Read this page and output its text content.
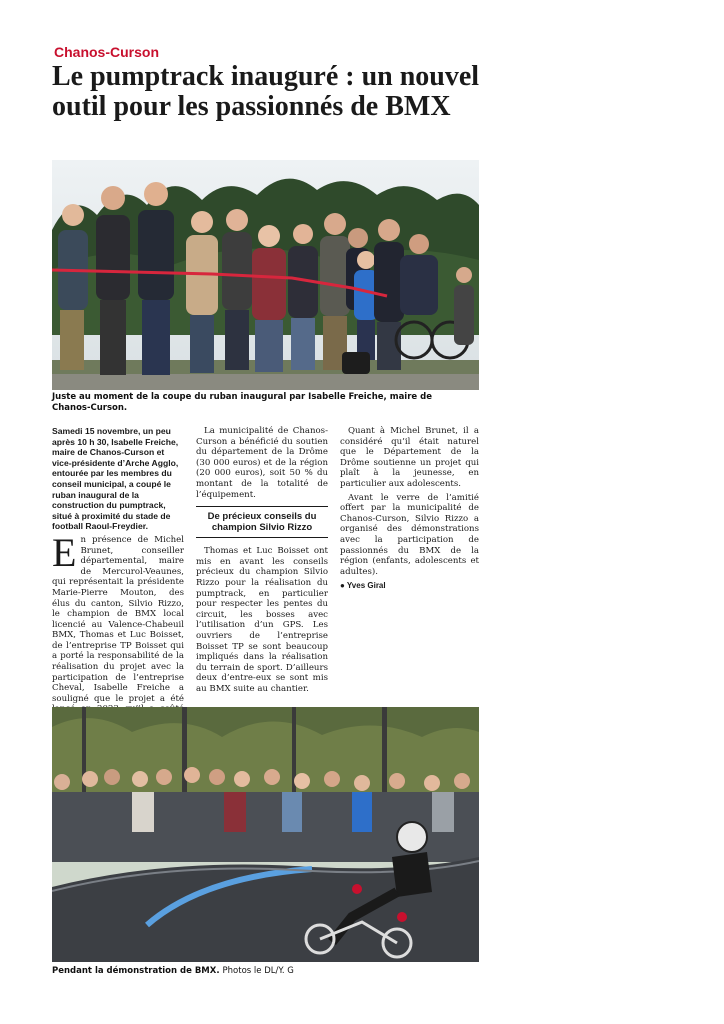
Chanos-Curson
Le pumptrack inauguré : un nouvel outil pour les passionnés de BMX
Juste au moment de la coupe du ruban inaugural par Isabelle Freiche, maire de Chanos-Curson.

Samedi 15 novembre, un peu après 10 h 30, Isabelle Freiche, maire de Chanos-Curson et vice-présidente d’Arche Agglo, entourée par les membres du conseil municipal, a coupé le ruban inaugural de la construction du pumptrack, situé à proximité du stade de football Raoul-Freydier.

En présence de Michel Brunet, conseiller départemental, maire de Mercurol-Veaunes, qui représentait la présidente Marie-Pierre Mouton, des élus du canton, Silvio Rizzo, le champion de BMX local licencié au Valence-Chabeuil BMX, Thomas et Luc Boisset, de l’entreprise TP Boisset qui a porté la responsabilité de la réalisation du projet avec la participation de l’entreprise Cheval, Isabelle Freiche a souligné que le projet a été

La municipalité de Chanos-Curson a bénéficié du soutien du département de la Drôme (30 000 euros) et de la région (20 000 euros), soit 50 % du montant de la totalité de l’équipement.

De précieux conseils du champion Silvio Rizzo

Thomas et Luc Boisset ont mis en avant les conseils précieux du champion Silvio Rizzo pour la réalisation du pumptrack, en particulier pour respecter les pentes du circuit, les bosses avec l’utilisation d’un GPS. Les ouvriers de l’entreprise Boisset TP se sont beaucoup impliqués dans la réalisation du terrain de sport. D’ailleurs deux d’entre-eux se sont mis au BMX suite au chantier.

Quant à Michel Brunet, il a considéré qu’il était naturel que le Département de la Drôme soutienne un projet qui plaît à la jeunesse, en particulier aux adolescents.

Avant le verre de l’amitié offert par la municipalité de Chanos-Curson, Silvio Rizzo a organisé des démonstrations avec la participation de passionnés du BMX de la région (enfants, adolescents et adultes).

● Yves Giral
Pendant la démonstration de BMX. Photos le DL/Y. G
